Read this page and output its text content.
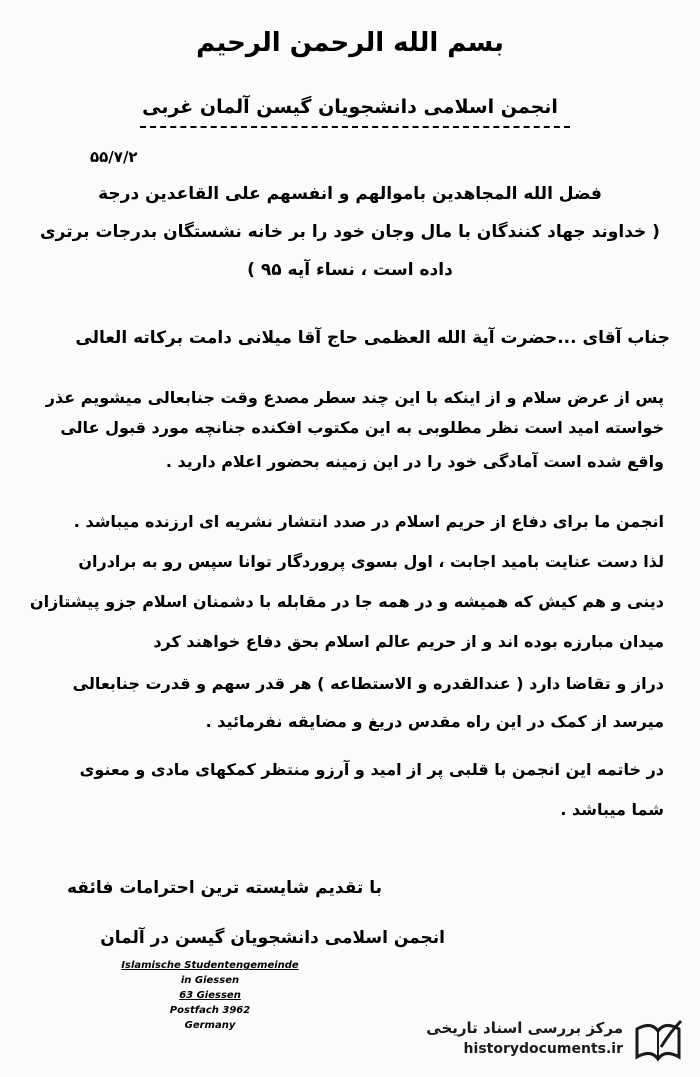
بسم الله الرحمن الرحیم
انجمن اسلامی دانشجویان گیسن آلمان غربی
۵۵/۷/۲
فضل الله المجاهدین باموالهم و انفسهم علی القاعدین درجة
( خداوند جهاد کنندگان با مال وجان خود را بر خانه نشستگان بدرجات برتری
داده است ، نساء آیه ۹۵ )
جناب آقای ...حضرت آیة الله العظمی حاج آقا میلانی دامت برکاته العالی
پس از عرض سلام و از اینکه با این چند سطر مصدع وقت جنابعالی میشویم عذر
خواسته امید است نظر مطلوبی به این مکتوب افکنده جنانچه مورد قبول عالی
واقع شده است آمادگی خود را در این زمینه بحضور اعلام دارید .
انجمن ما برای دفاع از حریم اسلام در صدد انتشار نشریه ای ارزنده میباشد .
لذا دست عنایت بامید اجابت ، اول بسوی پروردگار توانا سپس رو به برادران
دینی و هم کیش که همیشه و در همه جا در مقابله با دشمنان اسلام جزو پیشتازان
میدان مبارزه بوده اند و از حریم عالم اسلام بحق دفاع خواهند کرد
دراز و تقاضا دارد ( عندالقدره و الاستطاعه ) هر قدر سهم و قدرت جنابعالی
میرسد از کمک در این راه مقدس دریغ و مضایقه نفرمائید .
در خاتمه این انجمن با قلبی پر از امید و آرزو منتظر کمکهای مادی و معنوی
شما میباشد .
با تقدیم شایسته ترین احترامات فائقه
انجمن اسلامی دانشجویان گیسن در آلمان
Islamische Studentengemeinde
in Giessen
63 Giessen
Postfach 3962
Germany	مرکز بررسی اسناد تاریخی
historydocuments.ir
